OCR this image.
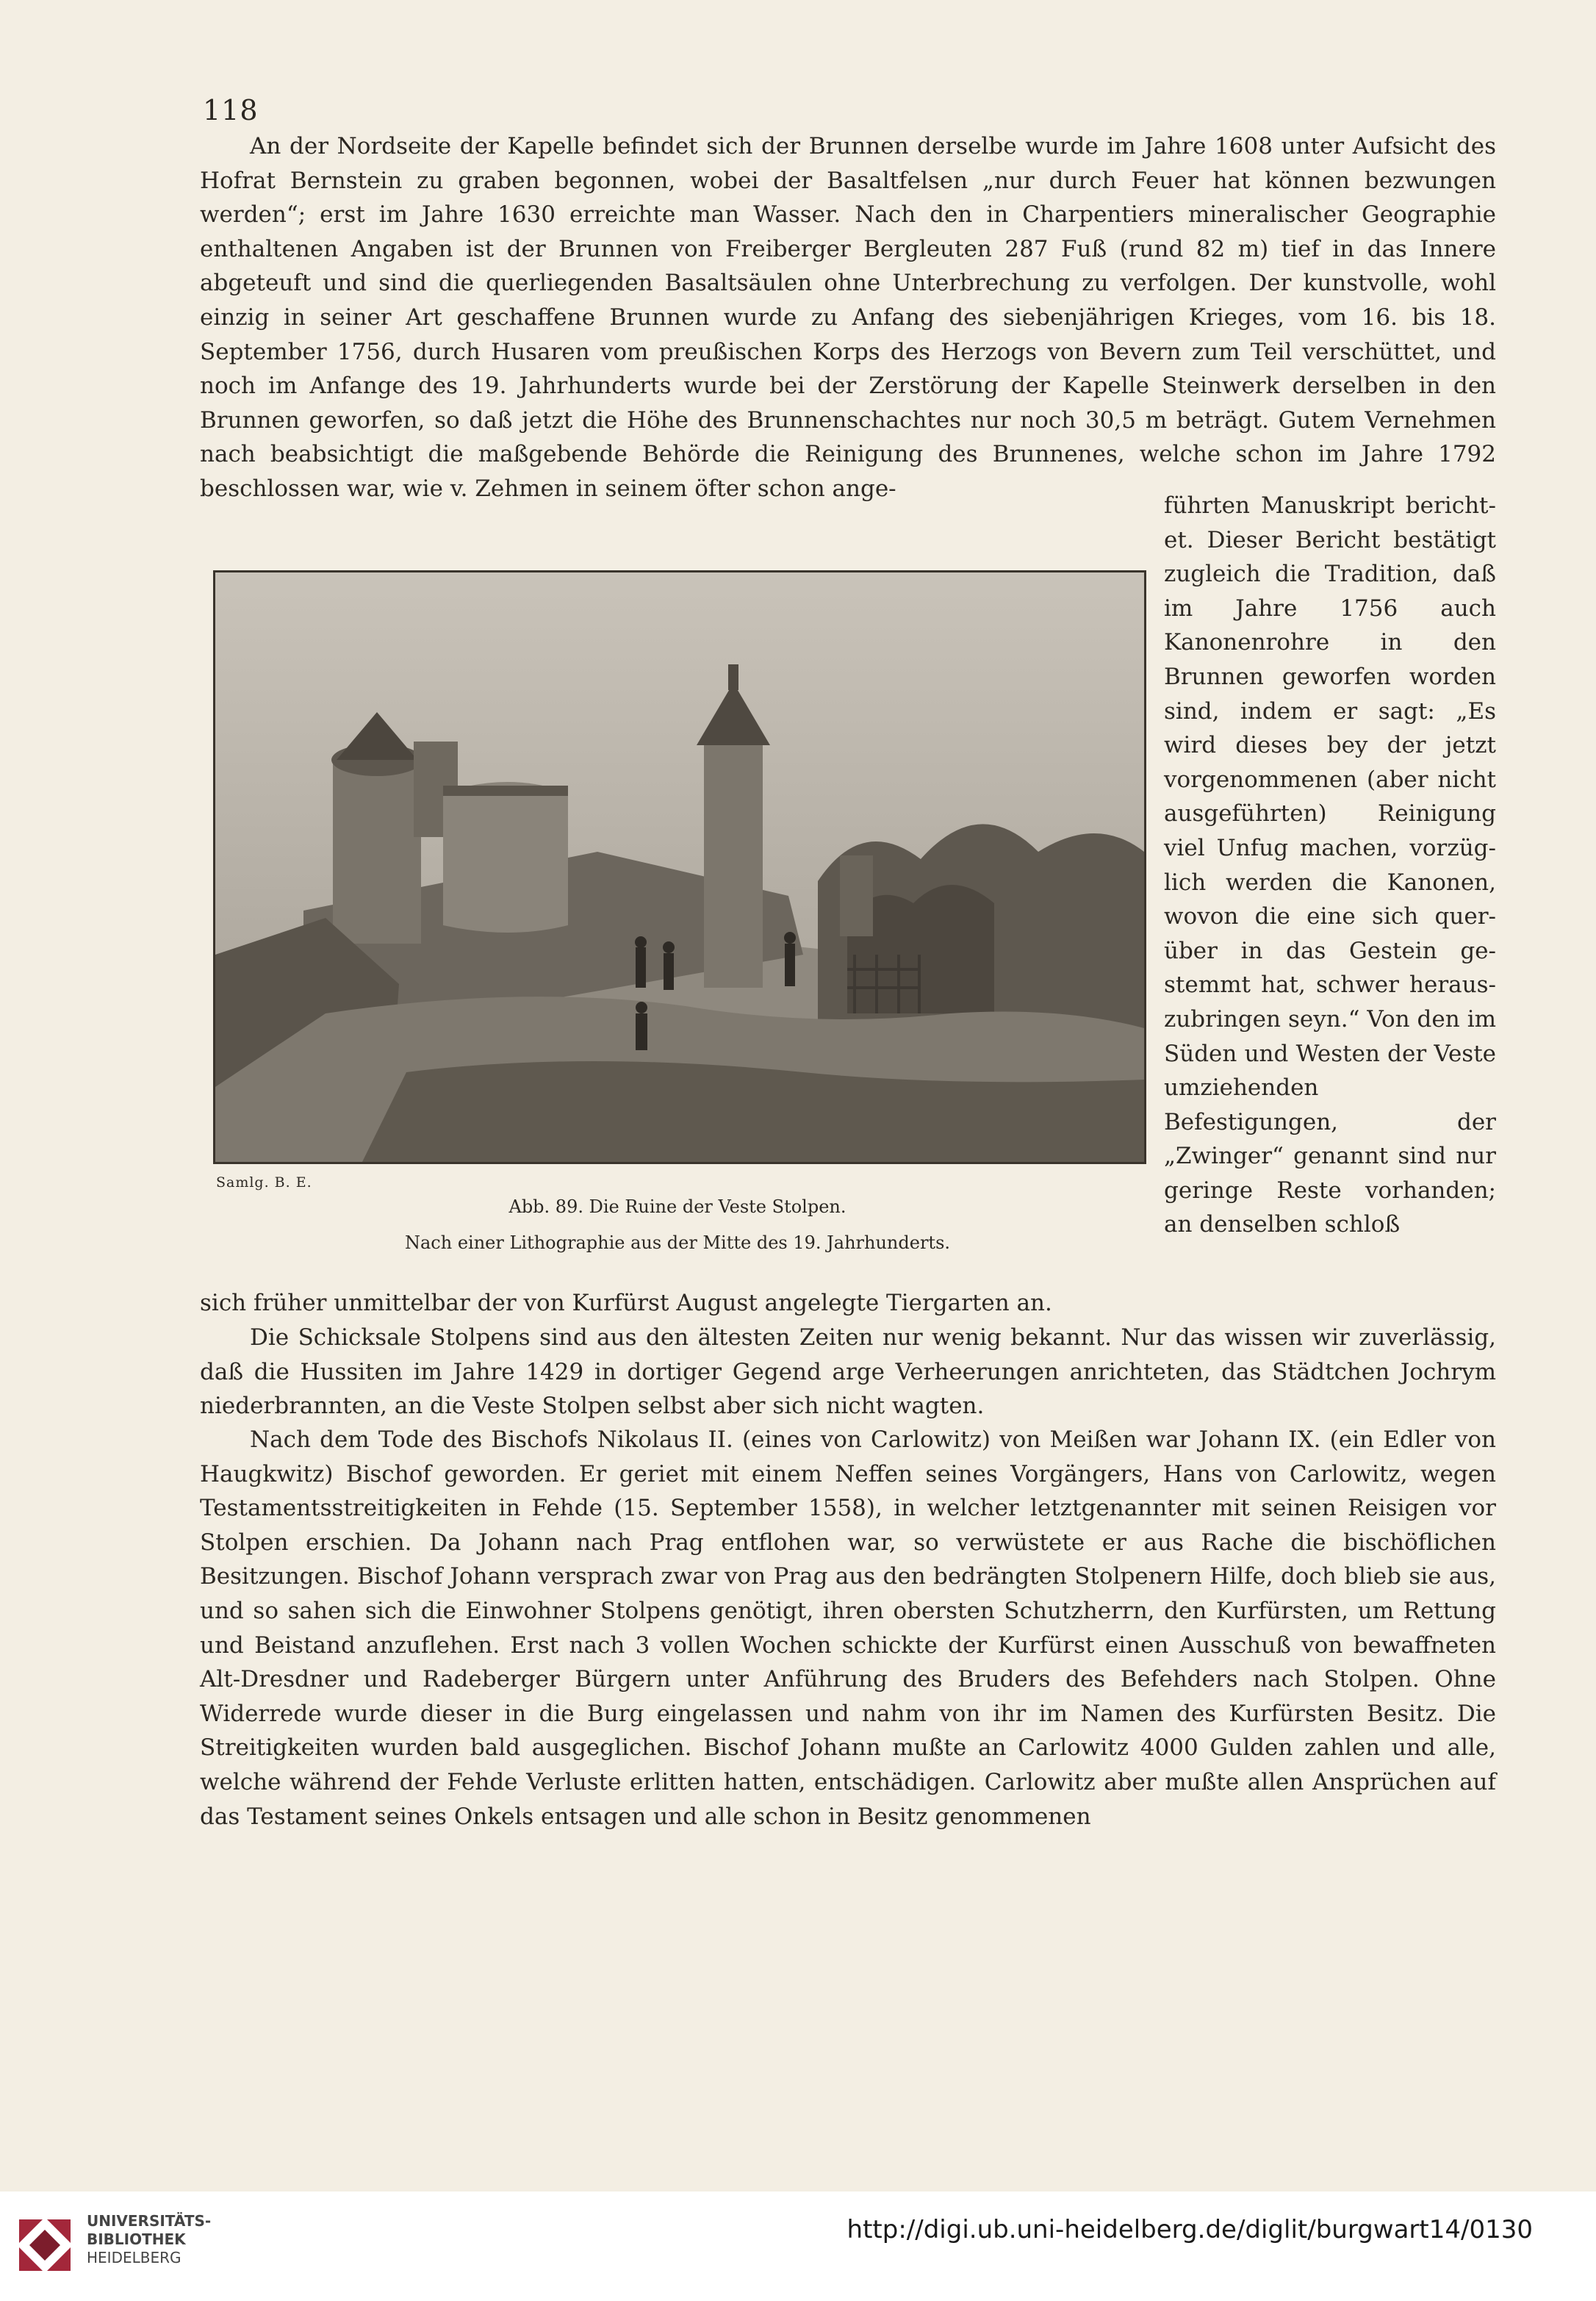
118

An der Nordseite der Kapelle befindet sich der Brunnen derselbe wurde im Jahre 1608 unter Aufsicht des Hofrat Bernstein zu graben begonnen, wobei der Basaltfelsen „nur durch Feuer hat können bezwungen werden“; erst im Jahre 1630 erreichte man Wasser. Nach den in Charpentiers mineralischer Geographie enthaltenen Angaben ist der Brunnen von Freiberger Bergleuten 287 Fuß (rund 82 m) tief in das Innere abgeteuft und sind die querliegenden Basaltsäulen ohne Unterbrechung zu verfolgen. Der kunstvolle, wohl einzig in seiner Art geschaffene Brunnen wurde zu Anfang des siebenjährigen Krieges, vom 16. bis 18. September 1756, durch Husaren vom preußischen Korps des Herzogs von Bevern zum Teil verschüttet, und noch im Anfange des 19. Jahrhunderts wurde bei der Zerstörung der Kapelle Steinwerk derselben in den Brunnen geworfen, so daß jetzt die Höhe des Brunnenschachtes nur noch 30,5 m beträgt. Gutem Vernehmen nach beabsichtigt die maßgebende Behörde die Reinigung des Brunnenes, welche schon im Jahre 1792 beschlossen war, wie v. Zehmen in seinem öfter schon ange-

Samlg. B. E.

Abb. 89. Die Ruine der Veste Stolpen.

Nach einer Lithographie aus der Mitte des 19. Jahrhunderts.

führten Manuskript berichtet. Dieser Bericht bestätigt zugleich die Tradition, daß im Jahre 1756 auch Kanonenrohre in den Brunnen geworfen worden sind, indem er sagt: „Es wird dieses bey der jetzt vorgenommenen (aber nicht ausgeführten) Reinigung viel Unfug machen, vorzüglich werden die Kanonen, wovon die eine sich querüber in das Gestein gestemmt hat, schwer herauszubringen seyn.“ Von den im Süden und Westen der Veste umziehenden Befestigungen, der „Zwinger“ genannt sind nur geringe Reste vorhanden; an denselben schloß

sich früher unmittelbar der von Kurfürst August angelegte Tiergarten an.

Die Schicksale Stolpens sind aus den ältesten Zeiten nur wenig bekannt. Nur das wissen wir zuverlässig, daß die Hussiten im Jahre 1429 in dortiger Gegend arge Verheerungen anrichteten, das Städtchen Jochrym niederbrannten, an die Veste Stolpen selbst aber sich nicht wagten.

Nach dem Tode des Bischofs Nikolaus II. (eines von Carlowitz) von Meißen war Johann IX. (ein Edler von Haugkwitz) Bischof geworden. Er geriet mit einem Neffen seines Vorgängers, Hans von Carlowitz, wegen Testamentsstreitigkeiten in Fehde (15. September 1558), in welcher letztgenannter mit seinen Reisigen vor Stolpen erschien. Da Johann nach Prag entflohen war, so verwüstete er aus Rache die bischöflichen Besitzungen. Bischof Johann versprach zwar von Prag aus den bedrängten Stolpenern Hilfe, doch blieb sie aus, und so sahen sich die Einwohner Stolpens genötigt, ihren obersten Schutzherrn, den Kurfürsten, um Rettung und Beistand anzuflehen. Erst nach 3 vollen Wochen schickte der Kurfürst einen Ausschuß von bewaffneten Alt-Dresdner und Radeberger Bürgern unter Anführung des Bruders des Befehders nach Stolpen. Ohne Widerrede wurde dieser in die Burg eingelassen und nahm von ihr im Namen des Kurfürsten Besitz. Die Streitigkeiten wurden bald ausgeglichen. Bischof Johann mußte an Carlowitz 4000 Gulden zahlen und alle, welche während der Fehde Verluste erlitten hatten, entschädigen. Carlowitz aber mußte allen Ansprüchen auf das Testament seines Onkels entsagen und alle schon in Besitz genommenen

UNIVERSITÄTS-
BIBLIOTHEK
HEIDELBERG
http://digi.ub.uni-heidelberg.de/diglit/burgwart14/0130
